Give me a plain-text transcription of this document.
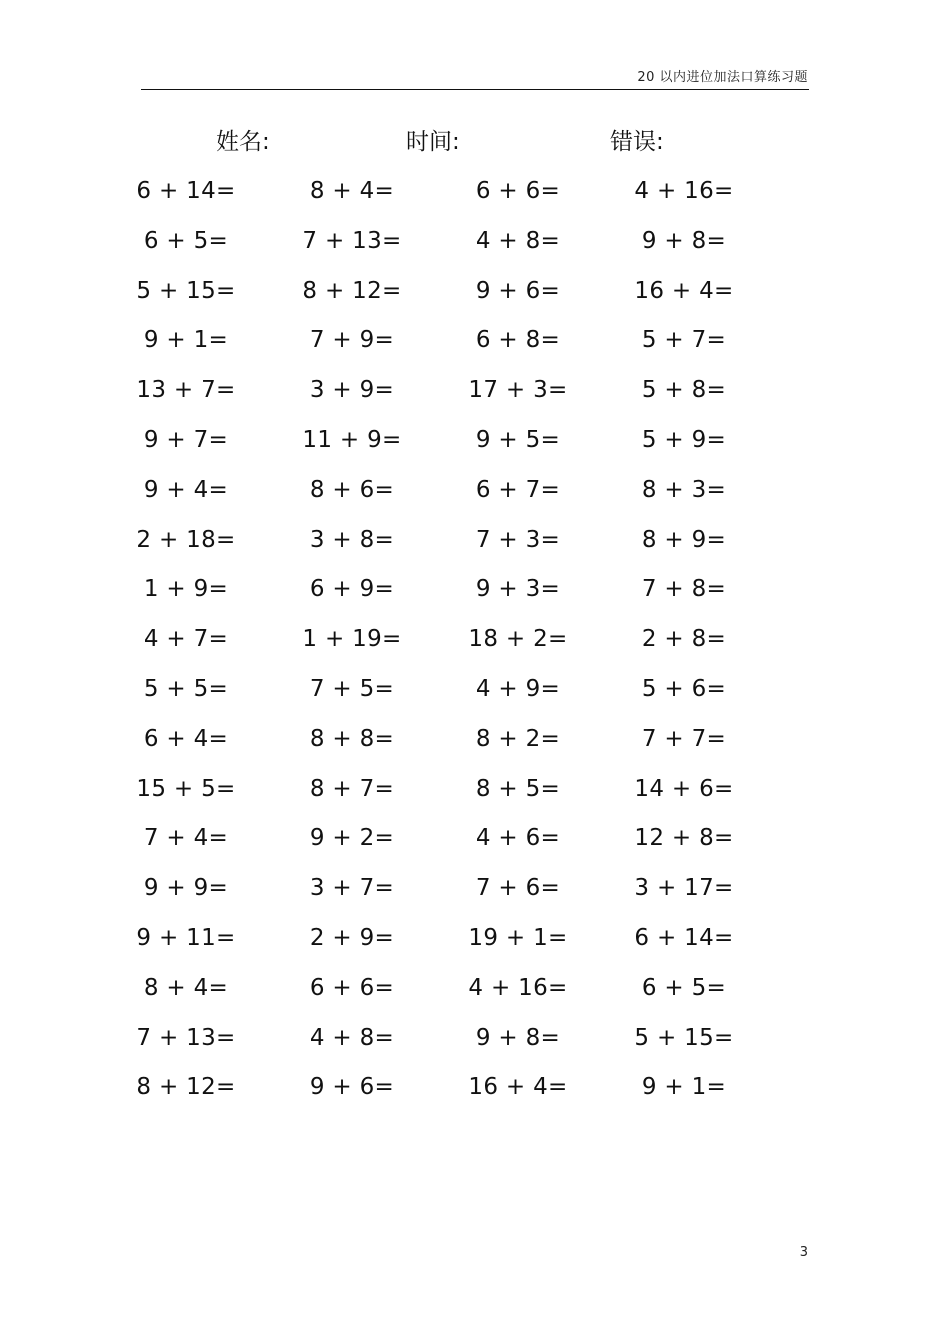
20 以内进位加法口算练习题
姓名:	时间:	错误:
6 + 14=	8 + 4=	6 + 6=	4 + 16=
6 + 5=	7 + 13=	4 + 8=	9 + 8=
5 + 15=	8 + 12=	9 + 6=	16 + 4=
9 + 1=	7 + 9=	6 + 8=	5 + 7=
13 + 7=	3 + 9=	17 + 3=	5 + 8=
9 + 7=	11 + 9=	9 + 5=	5 + 9=
9 + 4=	8 + 6=	6 + 7=	8 + 3=
2 + 18=	3 + 8=	7 + 3=	8 + 9=
1 + 9=	6 + 9=	9 + 3=	7 + 8=
4 + 7=	1 + 19=	18 + 2=	2 + 8=
5 + 5=	7 + 5=	4 + 9=	5 + 6=
6 + 4=	8 + 8=	8 + 2=	7 + 7=
15 + 5=	8 + 7=	8 + 5=	14 + 6=
7 + 4=	9 + 2=	4 + 6=	12 + 8=
9 + 9=	3 + 7=	7 + 6=	3 + 17=
9 + 11=	2 + 9=	19 + 1=	6 + 14=
8 + 4=	6 + 6=	4 + 16=	6 + 5=
7 + 13=	4 + 8=	9 + 8=	5 + 15=
8 + 12=	9 + 6=	16 + 4=	9 + 1=
3
